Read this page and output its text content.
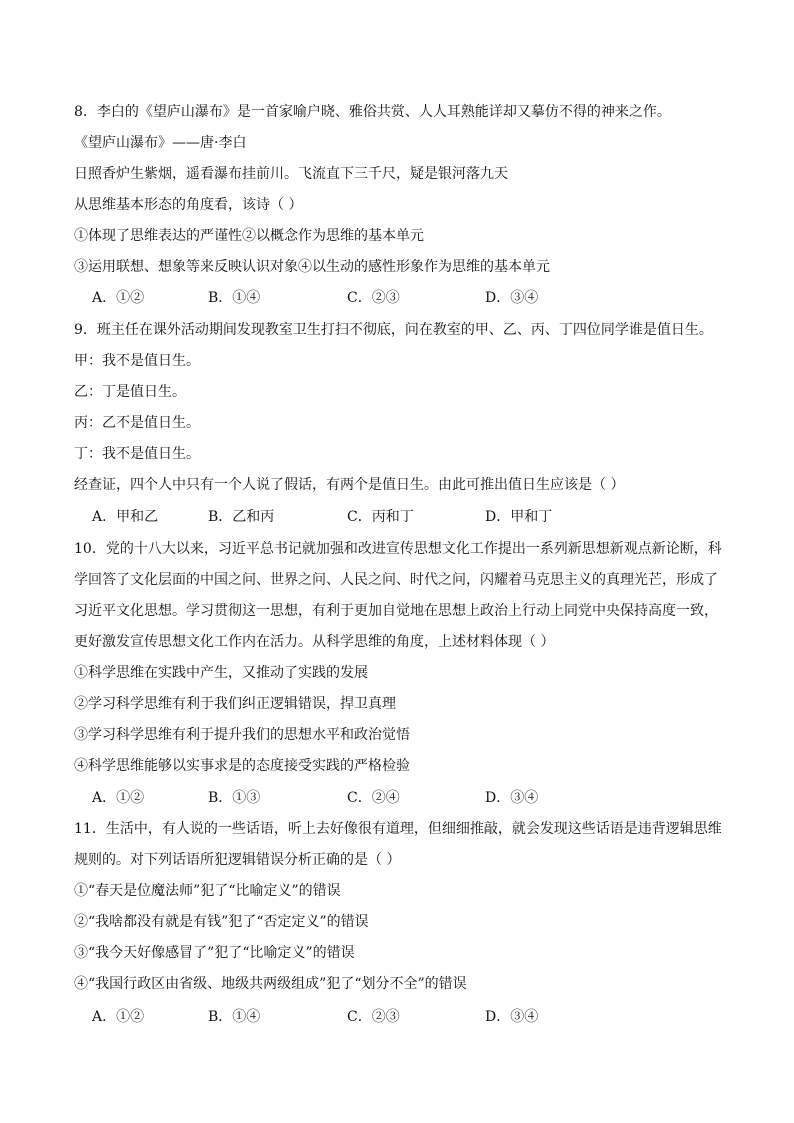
8．李白的《望庐山瀑布》是一首家喻户晓、雅俗共赏、人人耳熟能详却又摹仿不得的神来之作。
《望庐山瀑布》——唐·李白
日照香炉生紫烟，遥看瀑布挂前川。飞流直下三千尺，疑是银河落九天
从思维基本形态的角度看，该诗（ ）
①体现了思维表达的严谨性②以概念作为思维的基本单元
③运用联想、想象等来反映认识对象④以生动的感性形象作为思维的基本单元
A．①②	B．①④	C．②③	D．③④
9．班主任在课外活动期间发现教室卫生打扫不彻底，问在教室的甲、乙、丙、丁四位同学谁是值日生。
甲：我不是值日生。
乙：丁是值日生。
丙：乙不是值日生。
丁：我不是值日生。
经查证，四个人中只有一个人说了假话，有两个是值日生。由此可推出值日生应该是（ ）
A．甲和乙	B．乙和丙	C．丙和丁	D．甲和丁
10．党的十八大以来，习近平总书记就加强和改进宣传思想文化工作提出一系列新思想新观点新论断，科
学回答了文化层面的中国之问、世界之问、人民之问、时代之问，闪耀着马克思主义的真理光芒，形成了
习近平文化思想。学习贯彻这一思想，有利于更加自觉地在思想上政治上行动上同党中央保持高度一致，
更好激发宣传思想文化工作内在活力。从科学思维的角度，上述材料体现（ ）
①科学思维在实践中产生，又推动了实践的发展
②学习科学思维有利于我们纠正逻辑错误，捍卫真理
③学习科学思维有利于提升我们的思想水平和政治觉悟
④科学思维能够以实事求是的态度接受实践的严格检验
A．①②	B．①③	C．②④	D．③④
11．生活中，有人说的一些话语，听上去好像很有道理，但细细推敲，就会发现这些话语是违背逻辑思维
规则的。对下列话语所犯逻辑错误分析正确的是（ ）
①“春天是位魔法师”犯了“比喻定义”的错误
②“我啥都没有就是有钱”犯了“否定定义”的错误
③“我今天好像感冒了”犯了“比喻定义”的错误
④“我国行政区由省级、地级共两级组成”犯了“划分不全”的错误
A．①②	B．①④	C．②③	D．③④
